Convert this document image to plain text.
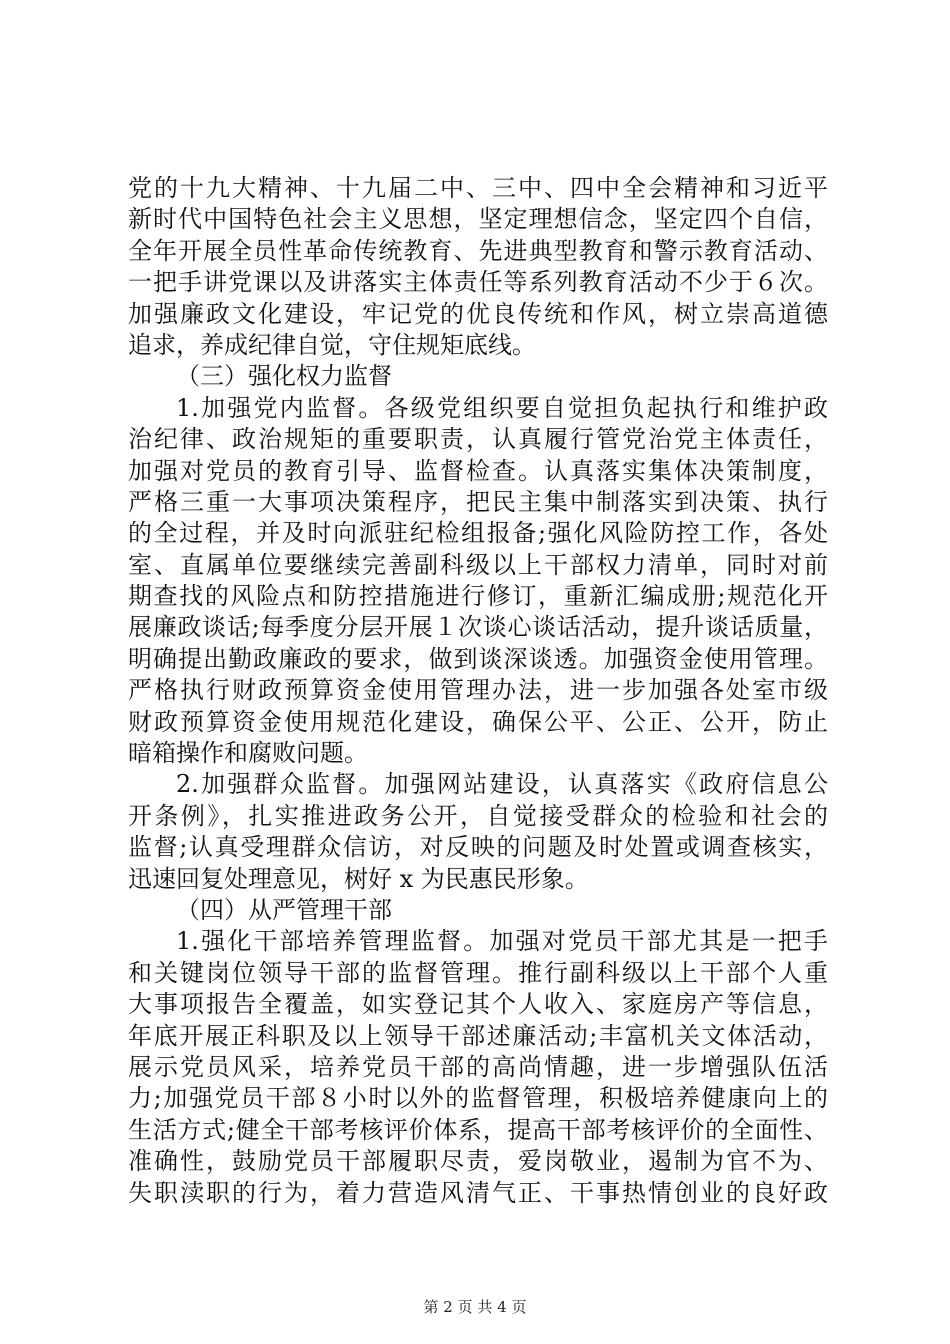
党的十九大精神、十九届二中、三中、四中全会精神和习近平
新时代中国特色社会主义思想，坚定理想信念，坚定四个自信，
全年开展全员性革命传统教育、先进典型教育和警示教育活动、
一把手讲党课以及讲落实主体责任等系列教育活动不少于６次。
加强廉政文化建设，牢记党的优良传统和作风，树立崇高道德
追求，养成纪律自觉，守住规矩底线。
（三）强化权力监督
1.加强党内监督。各级党组织要自觉担负起执行和维护政
治纪律、政治规矩的重要职责，认真履行管党治党主体责任，
加强对党员的教育引导、监督检查。认真落实集体决策制度，
严格三重一大事项决策程序，把民主集中制落实到决策、执行
的全过程，并及时向派驻纪检组报备;强化风险防控工作，各处
室、直属单位要继续完善副科级以上干部权力清单，同时对前
期查找的风险点和防控措施进行修订，重新汇编成册;规范化开
展廉政谈话;每季度分层开展１次谈心谈话活动，提升谈话质量，
明确提出勤政廉政的要求，做到谈深谈透。加强资金使用管理。
严格执行财政预算资金使用管理办法，进一步加强各处室市级
财政预算资金使用规范化建设，确保公平、公正、公开，防止
暗箱操作和腐败问题。
2.加强群众监督。加强网站建设，认真落实《政府信息公
开条例》，扎实推进政务公开，自觉接受群众的检验和社会的
监督;认真受理群众信访，对反映的问题及时处置或调查核实，
迅速回复处理意见，树好 x 为民惠民形象。
（四）从严管理干部
1.强化干部培养管理监督。加强对党员干部尤其是一把手
和关键岗位领导干部的监督管理。推行副科级以上干部个人重
大事项报告全覆盖，如实登记其个人收入、家庭房产等信息，
年底开展正科职及以上领导干部述廉活动;丰富机关文体活动，
展示党员风采，培养党员干部的高尚情趣，进一步增强队伍活
力;加强党员干部８小时以外的监督管理，积极培养健康向上的
生活方式;健全干部考核评价体系，提高干部考核评价的全面性、
准确性，鼓励党员干部履职尽责，爱岗敬业，遏制为官不为、
失职渎职的行为，着力营造风清气正、干事热情创业的良好政
第 2 页 共 4 页
